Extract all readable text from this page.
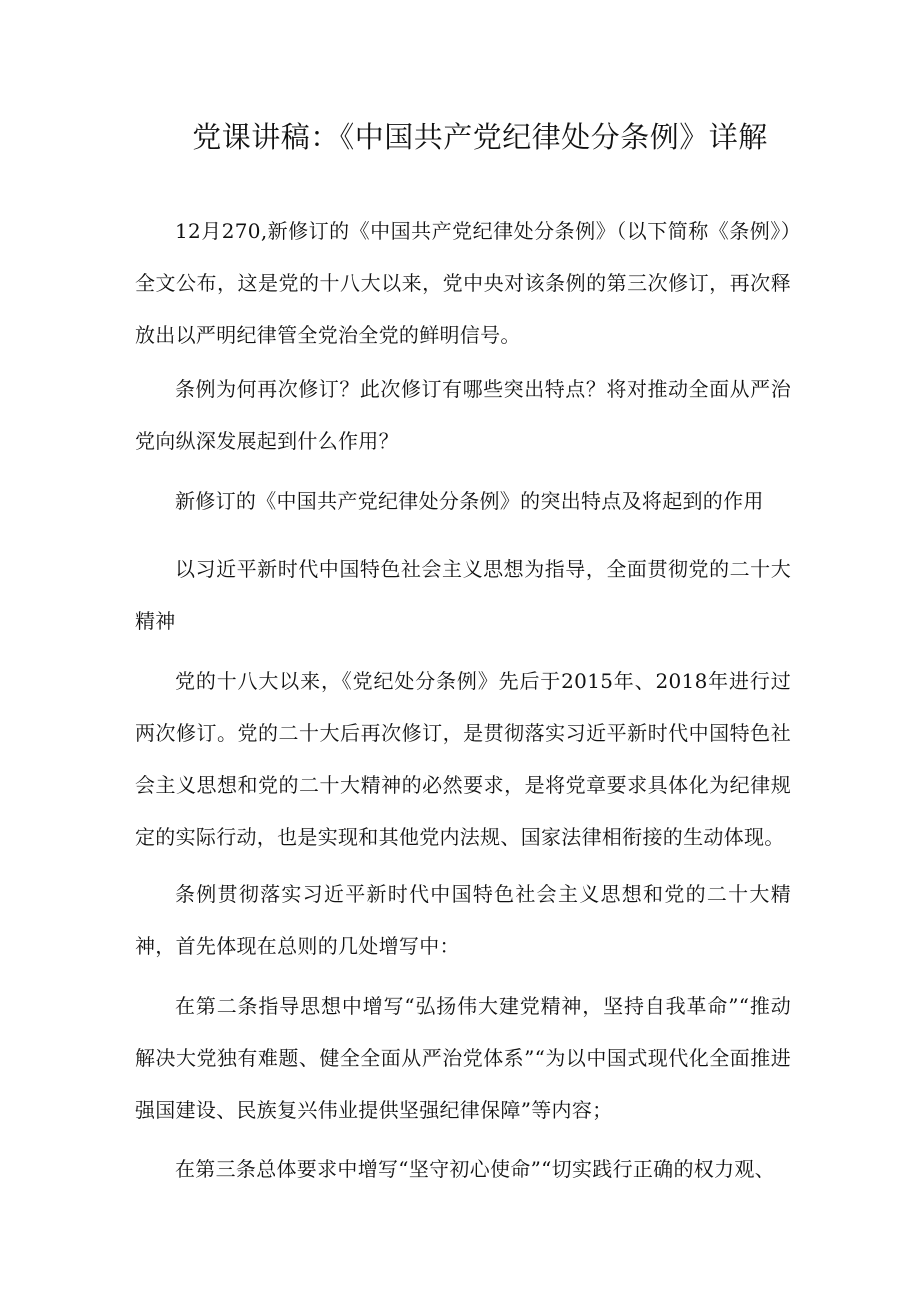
党课讲稿：《中国共产党纪律处分条例》详解

12月270,新修订的《中国共产党纪律处分条例》（以下简称《条例》）全文公布，这是党的十八大以来，党中央对该条例的第三次修订，再次释放出以严明纪律管全党治全党的鲜明信号。

条例为何再次修订？此次修订有哪些突出特点？将对推动全面从严治党向纵深发展起到什么作用？

新修订的《中国共产党纪律处分条例》的突出特点及将起到的作用

以习近平新时代中国特色社会主义思想为指导，全面贯彻党的二十大精神

党的十八大以来，《党纪处分条例》先后于2015年、2018年进行过两次修订。党的二十大后再次修订，是贯彻落实习近平新时代中国特色社会主义思想和党的二十大精神的必然要求，是将党章要求具体化为纪律规定的实际行动，也是实现和其他党内法规、国家法律相衔接的生动体现。

条例贯彻落实习近平新时代中国特色社会主义思想和党的二十大精神，首先体现在总则的几处增写中：

在第二条指导思想中增写“弘扬伟大建党精神，坚持自我革命”“推动解决大党独有难题、健全全面从严治党体系”“为以中国式现代化全面推进强国建设、民族复兴伟业提供坚强纪律保障”等内容；

在第三条总体要求中增写“坚守初心使命”“切实践行正确的权力观、
